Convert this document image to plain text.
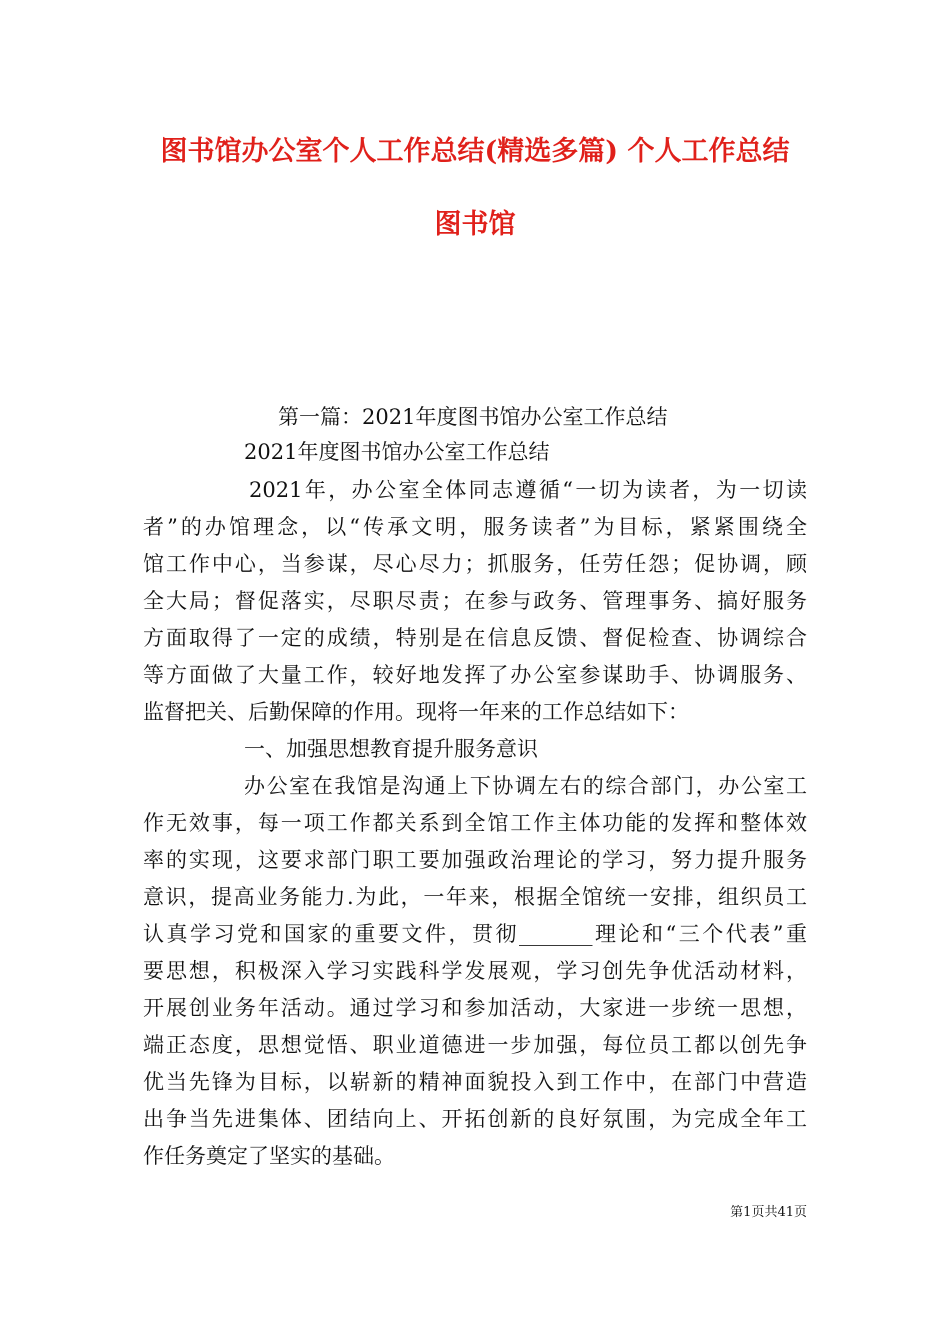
图书馆办公室个人工作总结(精选多篇) 个人工作总结
图书馆
第一篇：2021年度图书馆办公室工作总结
2021年度图书馆办公室工作总结
2021年，办公室全体同志遵循“一切为读者，为一切读
者”的办馆理念，以“传承文明，服务读者”为目标，紧紧围绕全
馆工作中心，当参谋，尽心尽力；抓服务，任劳任怨；促协调，顾
全大局；督促落实，尽职尽责；在参与政务、管理事务、搞好服务
方面取得了一定的成绩，特别是在信息反馈、督促检查、协调综合
等方面做了大量工作，较好地发挥了办公室参谋助手、协调服务、
监督把关、后勤保障的作用。现将一年来的工作总结如下：
一、加强思想教育提升服务意识
办公室在我馆是沟通上下协调左右的综合部门，办公室工
作无效事，每一项工作都关系到全馆工作主体功能的发挥和整体效
率的实现，这要求部门职工要加强政治理论的学习，努力提升服务
意识，提高业务能力.为此，一年来，根据全馆统一安排，组织员工
认真学习党和国家的重要文件，贯彻_______理论和“三个代表”重
要思想，积极深入学习实践科学发展观，学习创先争优活动材料，
开展创业务年活动。通过学习和参加活动，大家进一步统一思想，
端正态度，思想觉悟、职业道德进一步加强，每位员工都以创先争
优当先锋为目标，以崭新的精神面貌投入到工作中，在部门中营造
出争当先进集体、团结向上、开拓创新的良好氛围，为完成全年工
作任务奠定了坚实的基础。
第1页共41页
